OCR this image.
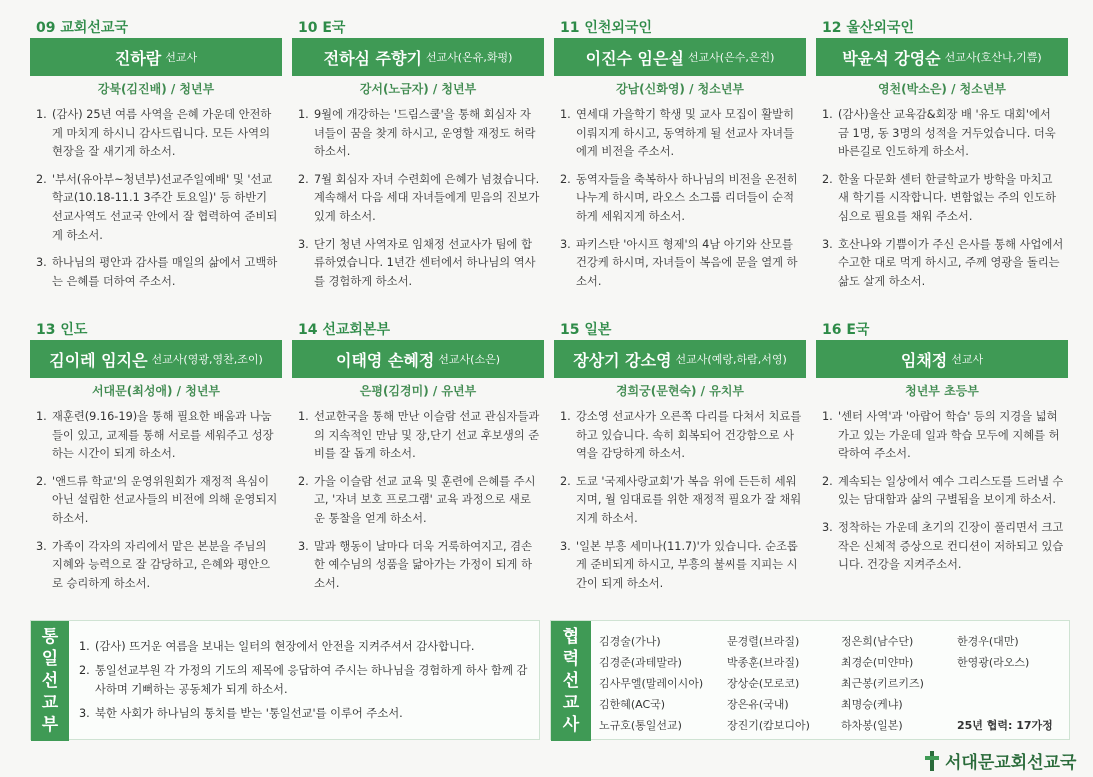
09 교회선교국
진하람 선교사
강북(김진배) / 청년부
1. (감사) 25년 여름 사역을 은혜 가운데 안전하게 마치게 하시니 감사드립니다. 모든 사역의 현장을 잘 새기게 하소서.
2. '부서(유아부~청년부)선교주일예배' 및 '선교학교(10.18-11.1 3주간 토요일)' 등 하반기 선교사역도 선교국 안에서 잘 협력하여 준비되게 하소서.
3. 하나님의 평안과 감사를 매일의 삶에서 고백하는 은혜를 더하여 주소서.
10 E국
전하심 주향기 선교사(온유,화평)
강서(노금자) / 청년부
1. 9월에 개강하는 '드림스쿨'을 통해 회심자 자녀들이 꿈을 찾게 하시고, 운영할 재정도 허락하소서.
2. 7월 회심자 자녀 수련회에 은혜가 넘쳤습니다. 계속해서 다음 세대 자녀들에게 믿음의 진보가 있게 하소서.
3. 단기 청년 사역자로 임채정 선교사가 팀에 합류하였습니다. 1년간 센터에서 하나님의 역사를 경험하게 하소서.
11 인천외국인
이진수 임은실 선교사(은수,은진)
강남(신화영) / 청소년부
1. 연세대 가을학기 학생 및 교사 모집이 활발히 이뤄지게 하시고, 동역하게 될 선교사 자녀들에게 비전을 주소서.
2. 동역자들을 축복하사 하나님의 비전을 온전히 나누게 하시며, 라오스 소그룹 리더들이 순적하게 세워지게 하소서.
3. 파키스탄 '아시프 형제'의 4남 아기와 산모를 건강케 하시며, 자녀들이 복음에 문을 열게 하소서.
12 울산외국인
박윤석 강영순 선교사(호산나,기쁨)
영천(박소은) / 청소년부
1. (감사)울산 교육감&회장 배 '유도 대회'에서 금 1명, 동 3명의 성적을 거두었습니다. 더욱 바른길로 인도하게 하소서.
2. 한울 다문화 센터 한글학교가 방학을 마치고 새 학기를 시작합니다. 변함없는 주의 인도하심으로 필요를 채워 주소서.
3. 호산나와 기쁨이가 주신 은사를 통해 사업에서 수고한 대로 먹게 하시고, 주께 영광을 돌리는 삶도 살게 하소서.
13 인도
김이레 임지은 선교사(영광,영찬,조이)
서대문(최성애) / 청년부
1. 재훈련(9.16-19)을 통해 필요한 배움과 나눔들이 있고, 교제를 통해 서로를 세워주고 성장하는 시간이 되게 하소서.
2. '앤드류 학교'의 운영위원회가 재정적 욕심이 아닌 설립한 선교사들의 비전에 의해 운영되지 하소서.
3. 가족이 각자의 자리에서 맡은 본분을 주님의 지혜와 능력으로 잘 감당하고, 은혜와 평안으로 승리하게 하소서.
14 선교회본부
이태영 손혜정 선교사(소은)
은평(김경미) / 유년부
1. 선교한국을 통해 만난 이슬람 선교 관심자들과의 지속적인 만남 및 장,단기 선교 후보생의 준비를 잘 돕게 하소서.
2. 가을 이슬람 선교 교육 및 훈련에 은혜를 주시고, '자녀 보호 프로그램' 교육 과정으로 새로운 통찰을 얻게 하소서.
3. 말과 행동이 날마다 더욱 거룩하여지고, 겸손한 예수님의 성품을 닮아가는 가정이 되게 하소서.
15 일본
장상기 강소영 선교사(예랑,하람,서영)
경희궁(문현숙) / 유치부
1. 강소영 선교사가 오른쪽 다리를 다쳐서 치료를 하고 있습니다. 속히 회복되어 건강함으로 사역을 감당하게 하소서.
2. 도쿄 '국제사랑교회'가 복음 위에 든든히 세워지며, 월 임대료를 위한 재정적 필요가 잘 채워지게 하소서.
3. '일본 부흥 세미나(11.7)'가 있습니다. 순조롭게 준비되게 하시고, 부흥의 불씨를 지피는 시간이 되게 하소서.
16 E국
임채정 선교사
청년부 초등부
1. '센터 사역'과 '아랍어 학습' 등의 지경을 넓혀가고 있는 가운데 일과 학습 모두에 지혜를 허락하여 주소서.
2. 계속되는 일상에서 예수 그리스도를 드러낼 수 있는 담대함과 삶의 구별됨을 보이게 하소서.
3. 정착하는 가운데 초기의 긴장이 풀리면서 크고 작은 신체적 증상으로 컨디션이 저하되고 있습니다. 건강을 지켜주소서.
통
일
선
교
부
1. (감사) 뜨거운 여름을 보내는 일터의 현장에서 안전을 지켜주셔서 감사합니다.
2. 통일선교부원 각 가정의 기도의 제목에 응답하여 주시는 하나님을 경험하게 하사 함께 감사하며 기뻐하는 공동체가 되게 하소서.
3. 북한 사회가 하나님의 통치를 받는 '통일선교'를 이루어 주소서.
협
력
선
교
사
김경술(가나)	문경렬(브라질)	정은희(남수단)	한경우(대만)
김경준(과테말라)	박종훈(브라질)	최경순(미얀마)	한영광(라오스)
김사무엘(말레이시아)	장상순(모로코)	최근봉(키르키즈)
김한혜(AC국)	장은유(국내)	최명승(케냐)
노규호(통일선교)	장진기(캄보디아)	하차봉(일본)	25년 협력: 17가정
서대문교회선교국
